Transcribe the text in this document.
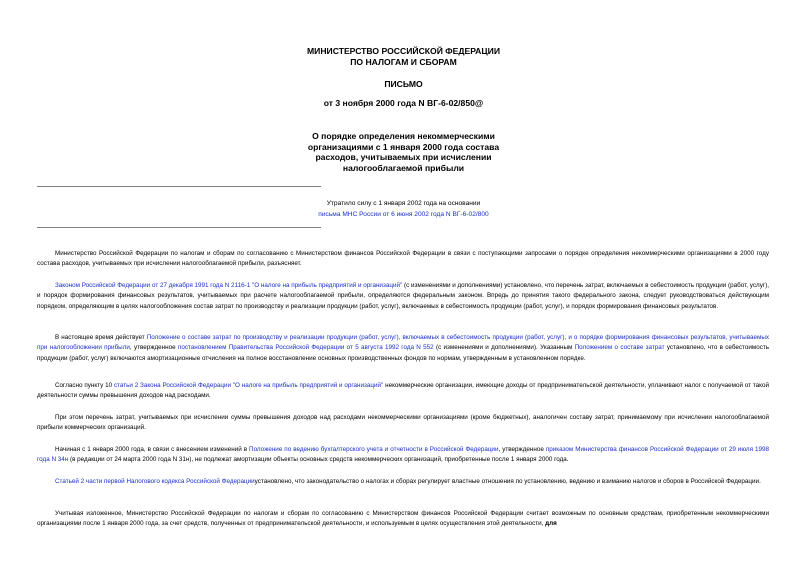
МИНИСТЕРСТВО РОССИЙСКОЙ ФЕДЕРАЦИИ
ПО НАЛОГАМ И СБОРАМ
ПИСЬМО
от 3 ноября 2000 года N ВГ-6-02/850@
О порядке определения некоммерческими
организациями с 1 января 2000 года состава
расходов, учитываемых при исчислении
налогооблагаемой прибыли
Утратило силу с 1 января 2002 года на основании
письма МНС России от 6 июня 2002 года N ВГ-6-02/800

Министерство Российской Федерации по налогам и сборам по согласованию с Министерством финансов Российской Федерации в связи с поступающими запросами о порядке определения некоммерческими организациями в 2000 году состава расходов, учитываемых при исчислении налогооблагаемой прибыли, разъясняет.

Законом Российской Федерации от 27 декабря 1991 года N 2116-1 "О налоге на прибыль предприятий и организаций" (с изменениями и дополнениями) установлено, что перечень затрат, включаемых в себестоимость продукции (работ, услуг), и порядок формирования финансовых результатов, учитываемых при расчете налогооблагаемой прибыли, определяются федеральным законом. Впредь до принятия такого федерального закона, следует руководствоваться действующим порядком, определяющим в целях налогообложения состав затрат по производству и реализации продукции (работ, услуг), включаемых в себестоимость продукции (работ, услуг), и порядок формирования финансовых результатов.

В настоящее время действует Положение о составе затрат по производству и реализации продукции (работ, услуг), включаемых в себестоимость продукции (работ, услуг), и о порядке формирования финансовых результатов, учитываемых при налогообложении прибыли, утвержденное постановлением Правительства Российской Федерации от 5 августа 1992 года N 552 (с изменениями и дополнениями). Указанным Положением о составе затрат установлено, что в себестоимость продукции (работ, услуг) включаются амортизационные отчисления на полное восстановление основных производственных фондов по нормам, утвержденным в установленном порядке.

Согласно пункту 10 статьи 2 Закона Российской Федерации "О налоге на прибыль предприятий и организаций" некоммерческие организации, имеющие доходы от предпринимательской деятельности, уплачивают налог с получаемой от такой деятельности суммы превышения доходов над расходами.

При этом перечень затрат, учитываемых при исчислении суммы превышения доходов над расходами некоммерческими организациями (кроме бюджетных), аналогичен составу затрат, принимаемому при исчислении налогооблагаемой прибыли коммерческих организаций.

Начиная с 1 января 2000 года, в связи с внесением изменений в Положение по ведению бухгалтерского учета и отчетности в Российской Федерации, утвержденное приказом Министерства финансов Российской Федерации от 29 июля 1998 года N 34н (в редакции от 24 марта 2000 года N 31н), не подлежат амортизации объекты основных средств некоммерческих организаций, приобретенные после 1 января 2000 года.

Статьей 2 части первой Налогового кодекса Российской Федерацииустановлено, что законодательство о налогах и сборах регулирует властные отношения по установлению, ведению и взиманию налогов и сборов в Российской Федерации.

Учитывая изложенное, Министерство Российской Федерации по налогам и сборам по согласованию с Министерством финансов Российской Федерации считает возможным по основным средствам, приобретенным некоммерческими организациями после 1 января 2000 года, за счет средств, полученных от предпринимательской деятельности, и используемым в целях осуществления этой деятельности, для
